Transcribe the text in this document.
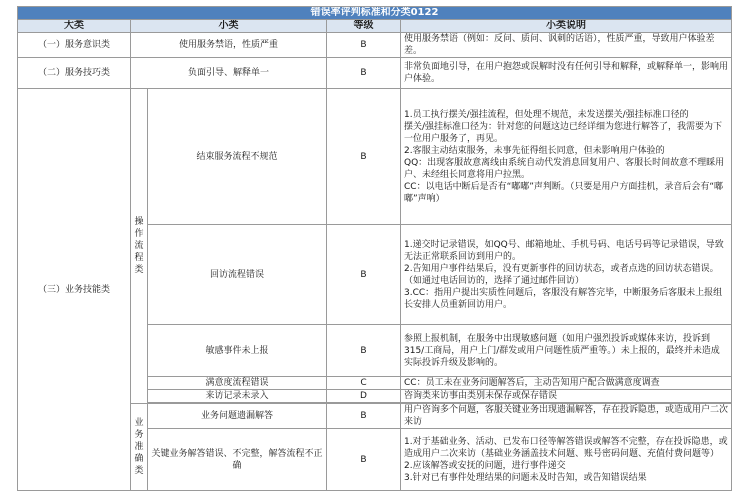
错误率评判标准和分类0122				
大类	小类		等级	小类说明
（一）服务意识类	使用服务禁语，性质严重		B	使用服务禁语（例如：反问、质问、讽刺的话语），性质严重，导致用户体验差差。
（二）服务技巧类	负面引导、解释单一		B	非常负面地引导，在用户抱怨或误解时没有任何引导和解释，或解释单一，影响用户体验。
（三）业务技能类	操作流程类	结束服务流程不规范	B	1.员工执行摆关/强挂流程，但处理不规范，未发送摆关/强挂标准口径的

摆关/强挂标准口径为：针对您的问题这边已经详细为您进行解答了，我需要为下一位用户服务了，再见。

2.客服主动结束服务，未事先征得组长同意，但未影响用户体验的

QQ：出现客服故意离线由系统自动代发消息回复用户、客服长时间故意不理睬用户、未经组长同意将用户拉黑。

CC：以电话中断后是否有“嘟嘟”声判断。（只要是用户方面挂机，录音后会有“嘟嘟”声响）

		回访流程错误	B	1.递交时记录错误，如QQ号、邮箱地址、手机号码、电话号码等记录错误，导致无法正常联系回访到用户的。

2.告知用户事件结果后，没有更新事件的回访状态，或者点选的回访状态错误。（如通过电话回访的，选择了通过邮件回访）

3.CC：指用户提出实质性问题后，客服没有解答完毕，中断服务后客服未上报组长安排人员重新回访用户。

		敏感事件未上报	B	参照上报机制，在服务中出现敏感问题（如用户强烈投诉或媒体来访，投诉到315/工商局，用户上门/群发或用户问题性质严重等。）未上报的，最终并未造成实际投诉升级及影响的。
		满意度流程错误	C	CC：员工未在业务问题解答后，主动告知用户配合做满意度调查
		来访记录未录入	D	咨询类来访事由类别未保存或保存错误

	业务准确类	业务问题遗漏解答	B	用户咨询多个问题，客服关键业务出现遗漏解答，存在投诉隐患，或造成用户二次来访
		关键业务解答错误、不完整，解答流程不正确	B	1.对于基础业务、活动、已发布口径等解答错误或解答不完整，存在投诉隐患，或造成用户二次来访（基础业务涵盖技术问题、账号密码问题、充值付费问题等）

2.应该解答或安抚的问题，进行事件递交

3.针对已有事件处理结果的问题未及时告知，或告知错误结果
